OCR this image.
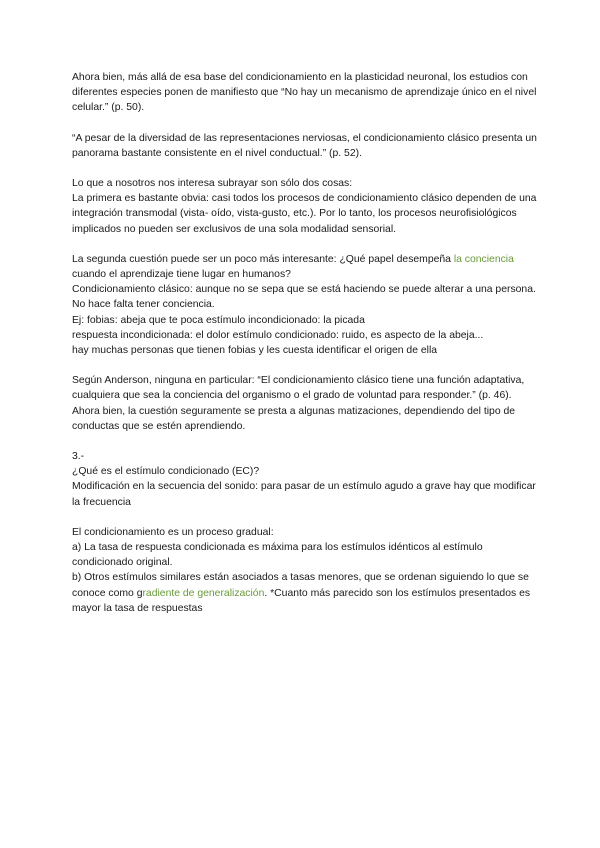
Ahora bien, más allá de esa base del condicionamiento en la plasticidad neuronal, los estudios con diferentes especies ponen de manifiesto que “No hay un mecanismo de aprendizaje único en el nivel celular.” (p. 50).

“A pesar de la diversidad de las representaciones nerviosas, el condicionamiento clásico presenta un panorama bastante consistente en el nivel conductual.” (p. 52).

Lo que a nosotros nos interesa subrayar son sólo dos cosas:

La primera es bastante obvia: casi todos los procesos de condicionamiento clásico dependen de una integración transmodal (vista- oído, vista-gusto, etc.). Por lo tanto, los procesos neurofisiológicos implicados no pueden ser exclusivos de una sola modalidad sensorial.

La segunda cuestión puede ser un poco más interesante: ¿Qué papel desempeña la conciencia cuando el aprendizaje tiene lugar en humanos?

Condicionamiento clásico: aunque no se sepa que se está haciendo se puede alterar a una persona. No hace falta tener conciencia.

Ej: fobias: abeja que te poca estímulo incondicionado: la picada

respuesta incondicionada: el dolor estímulo condicionado: ruido, es aspecto de la abeja...

hay muchas personas que tienen fobias y les cuesta identificar el origen de ella

Según Anderson, ninguna en particular: “El condicionamiento clásico tiene una función adaptativa, cualquiera que sea la conciencia del organismo o el grado de voluntad para responder.” (p. 46).

Ahora bien, la cuestión seguramente se presta a algunas matizaciones, dependiendo del tipo de conductas que se estén aprendiendo.

3.-

¿Qué es el estímulo condicionado (EC)?

Modificación en la secuencia del sonido: para pasar de un estímulo agudo a grave hay que modificar la frecuencia

El condicionamiento es un proceso gradual:

a) La tasa de respuesta condicionada es máxima para los estímulos idénticos al estímulo condicionado original.

b) Otros estímulos similares están asociados a tasas menores, que se ordenan siguiendo lo que se conoce como gradiente de generalización. *Cuanto más parecido son los estímulos presentados es mayor la tasa de respuestas
